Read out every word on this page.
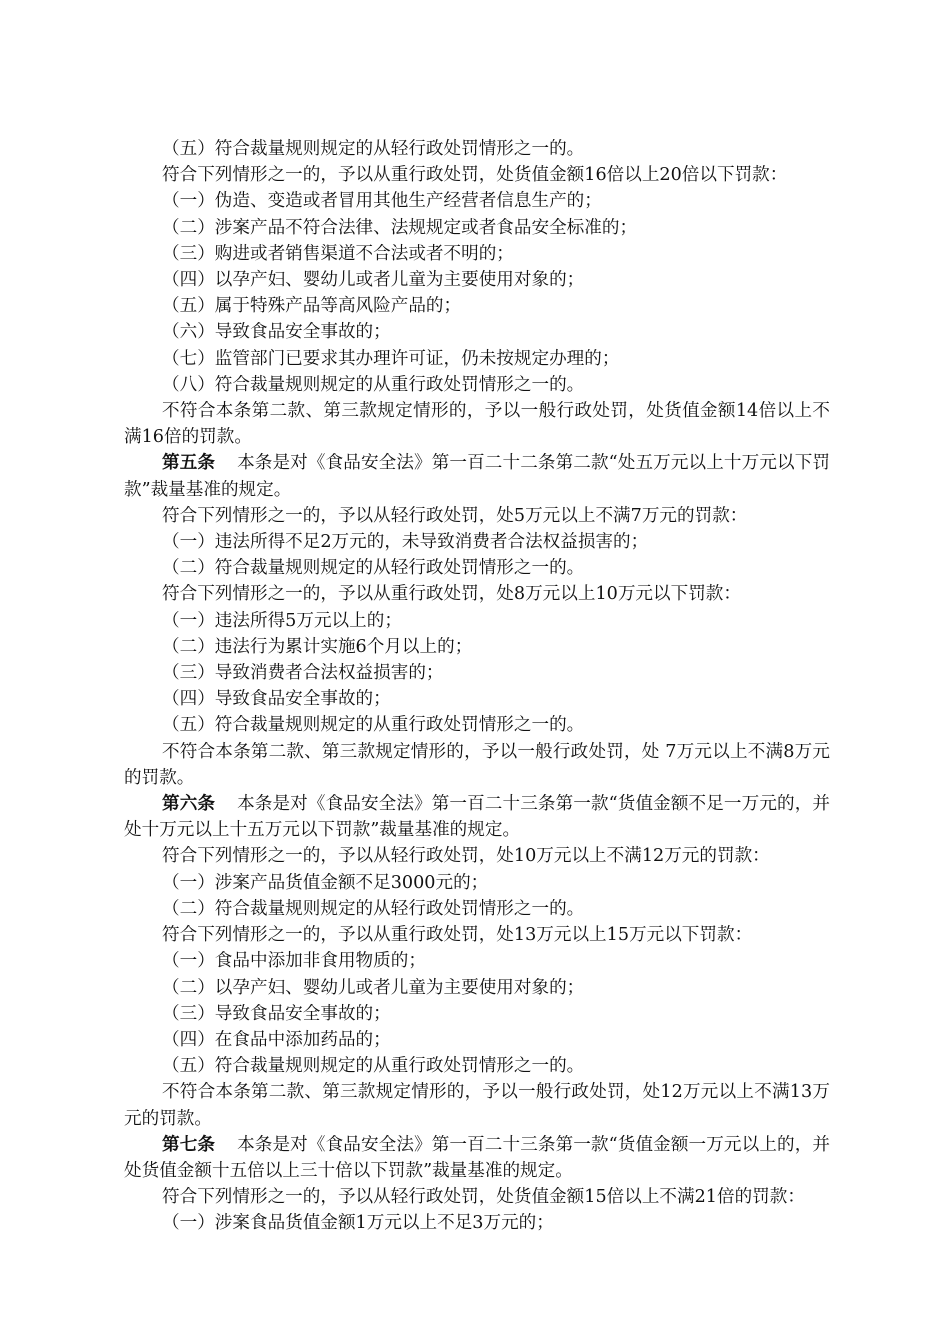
（五）符合裁量规则规定的从轻行政处罚情形之一的。

符合下列情形之一的，予以从重行政处罚，处货值金额16倍以上20倍以下罚款：

（一）伪造、变造或者冒用其他生产经营者信息生产的；

（二）涉案产品不符合法律、法规规定或者食品安全标准的；

（三）购进或者销售渠道不合法或者不明的；

（四）以孕产妇、婴幼儿或者儿童为主要使用对象的；

（五）属于特殊产品等高风险产品的；

（六）导致食品安全事故的；

（七）监管部门已要求其办理许可证，仍未按规定办理的；

（八）符合裁量规则规定的从重行政处罚情形之一的。

不符合本条第二款、第三款规定情形的，予以一般行政处罚，处货值金额14倍以上不满16倍的罚款。

第五条 本条是对《食品安全法》第一百二十二条第二款“处五万元以上十万元以下罚款”裁量基准的规定。

符合下列情形之一的，予以从轻行政处罚，处5万元以上不满7万元的罚款：

（一）违法所得不足2万元的，未导致消费者合法权益损害的；

（二）符合裁量规则规定的从轻行政处罚情形之一的。

符合下列情形之一的，予以从重行政处罚，处8万元以上10万元以下罚款：

（一）违法所得5万元以上的；

（二）违法行为累计实施6个月以上的；

（三）导致消费者合法权益损害的；

（四）导致食品安全事故的；

（五）符合裁量规则规定的从重行政处罚情形之一的。

不符合本条第二款、第三款规定情形的，予以一般行政处罚，处 7万元以上不满8万元的罚款。

第六条 本条是对《食品安全法》第一百二十三条第一款“货值金额不足一万元的，并处十万元以上十五万元以下罚款”裁量基准的规定。

符合下列情形之一的，予以从轻行政处罚，处10万元以上不满12万元的罚款：

（一）涉案产品货值金额不足3000元的；

（二）符合裁量规则规定的从轻行政处罚情形之一的。

符合下列情形之一的，予以从重行政处罚，处13万元以上15万元以下罚款：

（一）食品中添加非食用物质的；

（二）以孕产妇、婴幼儿或者儿童为主要使用对象的；

（三）导致食品安全事故的；

（四）在食品中添加药品的；

（五）符合裁量规则规定的从重行政处罚情形之一的。

不符合本条第二款、第三款规定情形的，予以一般行政处罚，处12万元以上不满13万元的罚款。

第七条 本条是对《食品安全法》第一百二十三条第一款“货值金额一万元以上的，并处货值金额十五倍以上三十倍以下罚款”裁量基准的规定。

符合下列情形之一的，予以从轻行政处罚，处货值金额15倍以上不满21倍的罚款：

（一）涉案食品货值金额1万元以上不足3万元的；
